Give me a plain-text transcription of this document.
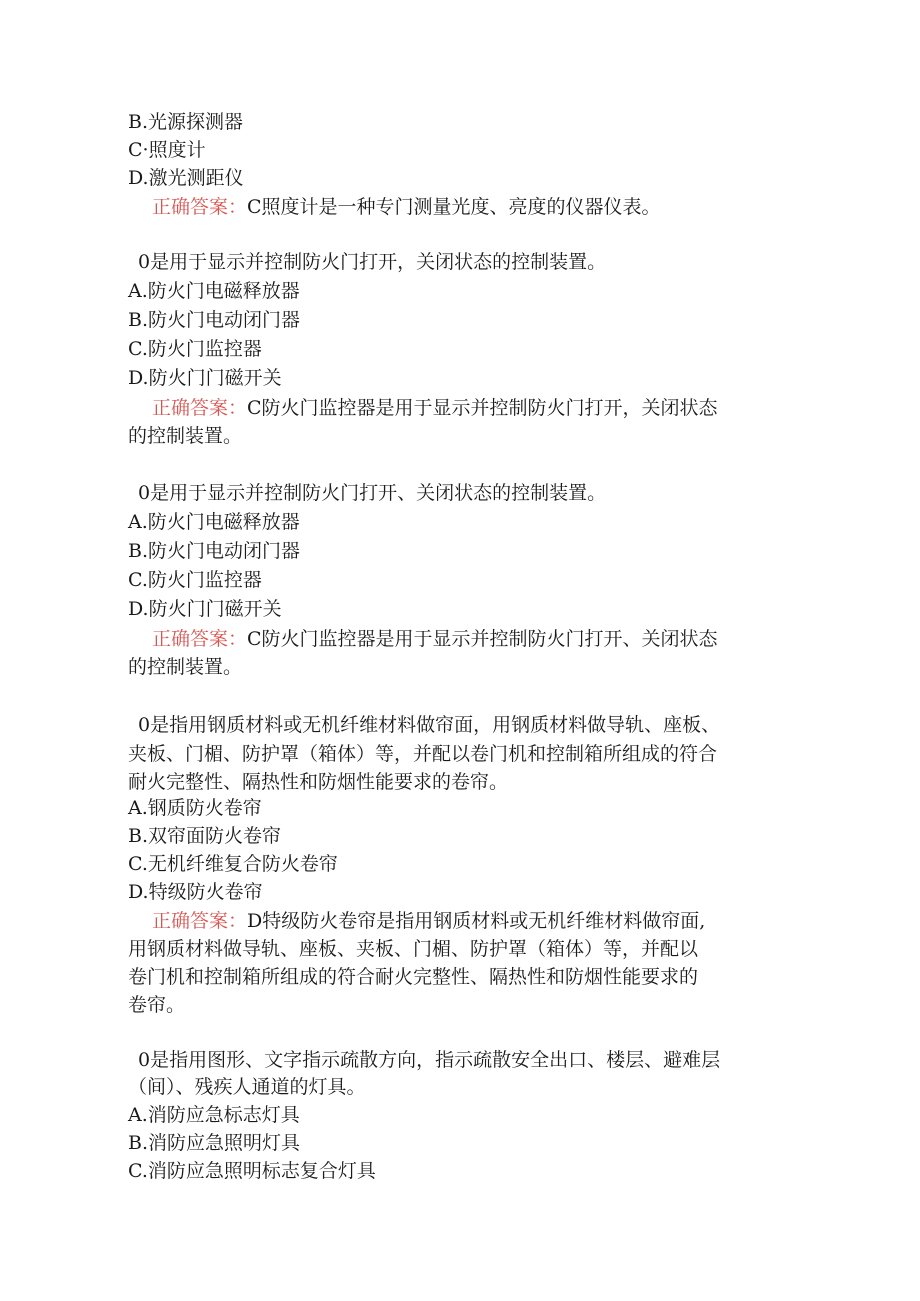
B.光源探测器
C·照度计
D.激光测距仪
正确答案：C照度计是一种专门测量光度、亮度的仪器仪表。
0是用于显示并控制防火门打开，关闭状态的控制装置。
A.防火门电磁释放器
B.防火门电动闭门器
C.防火门监控器
D.防火门门磁开关
正确答案：C防火门监控器是用于显示并控制防火门打开，关闭状态
的控制装置。
0是用于显示并控制防火门打开、关闭状态的控制装置。
A.防火门电磁释放器
B.防火门电动闭门器
C.防火门监控器
D.防火门门磁开关
正确答案：C防火门监控器是用于显示并控制防火门打开、关闭状态
的控制装置。
0是指用钢质材料或无机纤维材料做帘面，用钢质材料做导轨、座板、
夹板、门楣、防护罩（箱体）等，并配以卷门机和控制箱所组成的符合
耐火完整性、隔热性和防烟性能要求的卷帘。
A.钢质防火卷帘
B.双帘面防火卷帘
C.无机纤维复合防火卷帘
D.特级防火卷帘
正确答案：D特级防火卷帘是指用钢质材料或无机纤维材料做帘面,
用钢质材料做导轨、座板、夹板、门楣、防护罩（箱体）等，并配以
卷门机和控制箱所组成的符合耐火完整性、隔热性和防烟性能要求的
卷帘。
0是指用图形、文字指示疏散方向，指示疏散安全出口、楼层、避难层
（间）、残疾人通道的灯具。
A.消防应急标志灯具
B.消防应急照明灯具
C.消防应急照明标志复合灯具
